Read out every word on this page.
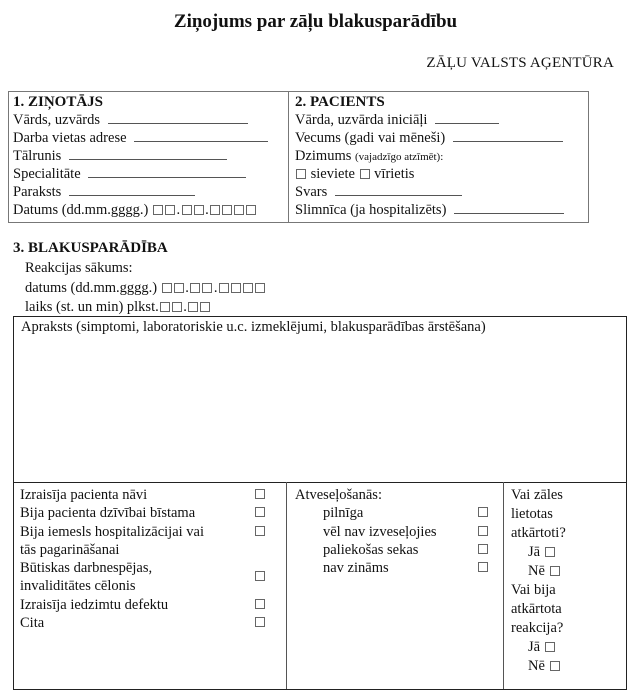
Ziņojums par zāļu blakusparādību
ZĀĻU VALSTS AĢENTŪRA
1. ZIŅOTĀJS
Vārds, uzvārds
Darba vietas adrese
Tālrunis
Specialitāte
Paraksts
Datums (dd.mm.gggg.) . .
2. PACIENTS
Vārda, uzvārda iniciāļi
Vecums (gadi vai mēneši)
Dzimums (vajadzīgo atzīmēt):
sieviete vīrietis
Svars
Slimnīca (ja hospitalizēts)
3. BLAKUSPARĀDĪBA
Reakcijas sākums:
datums (dd.mm.gggg.) . .
laiks (st. un min) plkst. .
Apraksts (simptomi, laboratoriskie u.c. izmeklējumi, blakusparādības ārstēšana)
Izraisīja pacienta nāvi
Bija pacienta dzīvībai bīstama
Bija iemesls hospitalizācijai vai
tās pagarināšanai
Būtiskas darbnespējas,
invaliditātes cēlonis
Izraisīja iedzimtu defektu
Cita
Atveseļošanās:
pilnīga
vēl nav izveseļojies
paliekošas sekas
nav zināms
Vai zāles
lietotas
atkārtoti?
Jā
Nē
Vai bija
atkārtota
reakcija?
Jā
Nē
